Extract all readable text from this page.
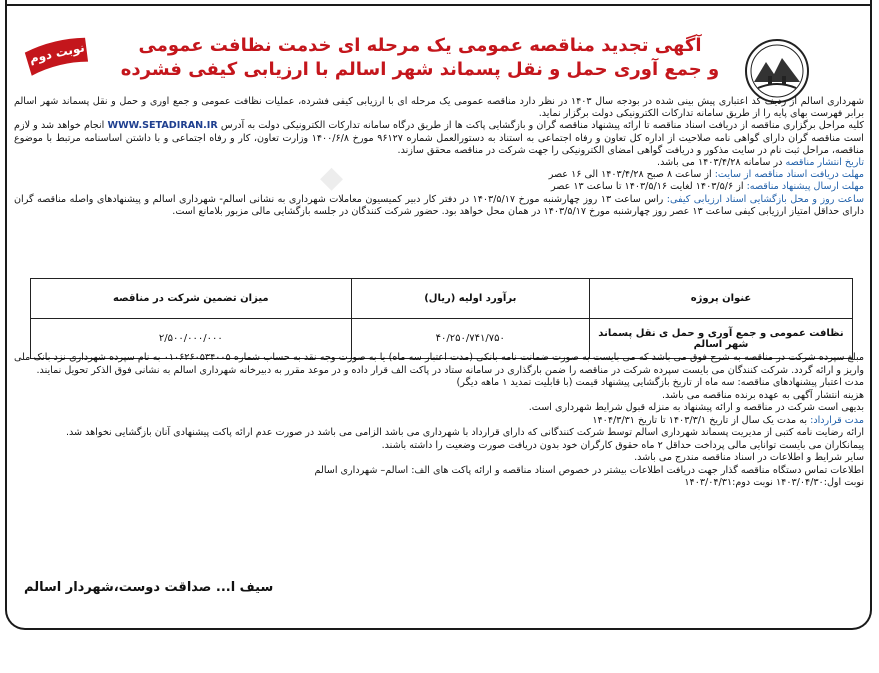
نوبت دوم	آگهی تجدید مناقصه عمومی یک مرحله ای خدمت نظافت عمومی
و جمع آوری حمل و نقل پسماند شهر اسالم با ارزیابی کیفی فشرده
◆

شهرداری اسالم از ردیف کد اعتباری پیش بینی شده در بودجه سال ۱۴۰۳ در نظر دارد مناقصه عمومی یک مرحله ای با ارزیابی کیفی فشرده، عملیات نظافت عمومی و جمع اوری و حمل و نقل پسماند شهر اسالم برابر فهرست بهای پایه را از طریق سامانه تدارکات الکترونیکی دولت برگزار نماید.

کلیه مراحل برگزاری مناقصه از دریافت اسناد مناقصه تا ارائه پیشنهاد مناقصه گران و بازگشایی پاکت ها از طریق درگاه سامانه تدارکات الکترونیکی دولت به آدرس WWW.SETADIRAN.IR انجام خواهد شد و لازم است مناقصه گران دارای گواهی نامه صلاحیت از اداره کل تعاون و رفاه اجتماعی به استناد به دستورالعمل شماره ۹۶۱۲۷ مورخ ۱۴۰۰/۶/۸ وزارت تعاون، کار و رفاه اجتماعی و با داشتن اساسنامه مرتبط با موضوع مناقصه، مراحل ثبت نام در سایت مذکور و دریافت گواهی امضای الکترونیکی را جهت شرکت در مناقصه محقق سازند.

تاریخ انتشار مناقصه در سامانه ۱۴۰۳/۴/۲۸ می باشد.

مهلت دریافت اسناد مناقصه از سایت: از ساعت ۸ صبح ۱۴۰۳/۴/۲۸ الی ۱۶ عصر

مهلت ارسال پیشنهاد مناقصه: از ۱۴۰۳/۵/۶ لغایت ۱۴۰۳/۵/۱۶ تا ساعت ۱۳ عصر

ساعت روز و محل بازگشایی اسناد ارزیابی کیفی: راس ساعت ۱۳ روز چهارشنبه مورخ ۱۴۰۳/۵/۱۷ در دفتر کار دبیر کمیسیون معاملات شهرداری به نشانی اسالم- شهرداری اسالم و پیشنهادهای واصله مناقصه گران دارای حداقل امتیاز ارزیابی کیفی ساعت ۱۳ عصر روز چهارشنبه مورخ ۱۴۰۳/۵/۱۷ در همان محل خواهد بود. حضور شرکت کنندگان در جلسه بازگشایی مالی مزبور بلامانع است.

عنوان پروژه	برآورد اولیه (ریال)	میزان تضمین شرکت در مناقصه
نظافت عمومی و جمع آوری و حمل ی نقل پسماند شهر اسالم	۴۰/۲۵۰/۷۴۱/۷۵۰	۲/۵۰۰/۰۰۰/۰۰۰

مبلغ سپرده شرکت در مناقصه به شرح فوق می باشد که می بایست به صورت ضمانت نامه بانکی (مدت اعتبار سه ماه) یا به صورت وجه نقد به حساب شماره ۰۱۰۶۲۶۰۵۳۴۰۰۵ به نام سپرده شهرداری نزد بانک ملی واریز و ارائه گردد. شرکت کنندگان می بایست سپرده شرکت در مناقصه را ضمن بارگذاری در سامانه ستاد در پاکت الف قرار داده و در موعد مقرر به دبیرخانه شهرداری اسالم به نشانی فوق الذکر تحویل نمایند.

مدت اعتبار پیشنهادهای مناقصه: سه ماه از تاریخ بازگشایی پیشنهاد قیمت (با قابلیت تمدید ۱ ماهه دیگر)

هزینه انتشار آگهی به عهده برنده مناقصه می باشد.

بدیهی است شرکت در مناقصه و ارائه پیشنهاد به منزله قبول شرایط شهرداری است.

مدت قرارداد: به مدت یک سال از تاریخ ۱۴۰۳/۳/۱ تا تاریخ ۱۴۰۴/۳/۳۱

ارائه رضایت نامه کتبی از مدیریت پسماند شهرداری اسالم توسط شرکت کنندگانی که دارای قرارداد با شهرداری می باشد الزامی می باشد در صورت عدم ارائه پاکت پیشنهادی آنان بازگشایی نخواهد شد.

پیمانکاران می بایست توانایی مالی پرداخت حداقل ۲ ماه حقوق کارگران خود بدون دریافت صورت وضعیت را داشته باشند.

سایر شرایط و اطلاعات در اسناد مناقصه مندرج می باشد.

اطلاعات تماس دستگاه مناقصه گذار جهت دریافت اطلاعات بیشتر در خصوص اسناد مناقصه و ارائه پاکت های الف: اسالم– شهرداری اسالم

نوبت اول:۱۴۰۳/۰۴/۳۰ نوبت دوم:۱۴۰۳/۰۴/۳۱

سیف ا... صداقت دوست،شهردار اسالم
